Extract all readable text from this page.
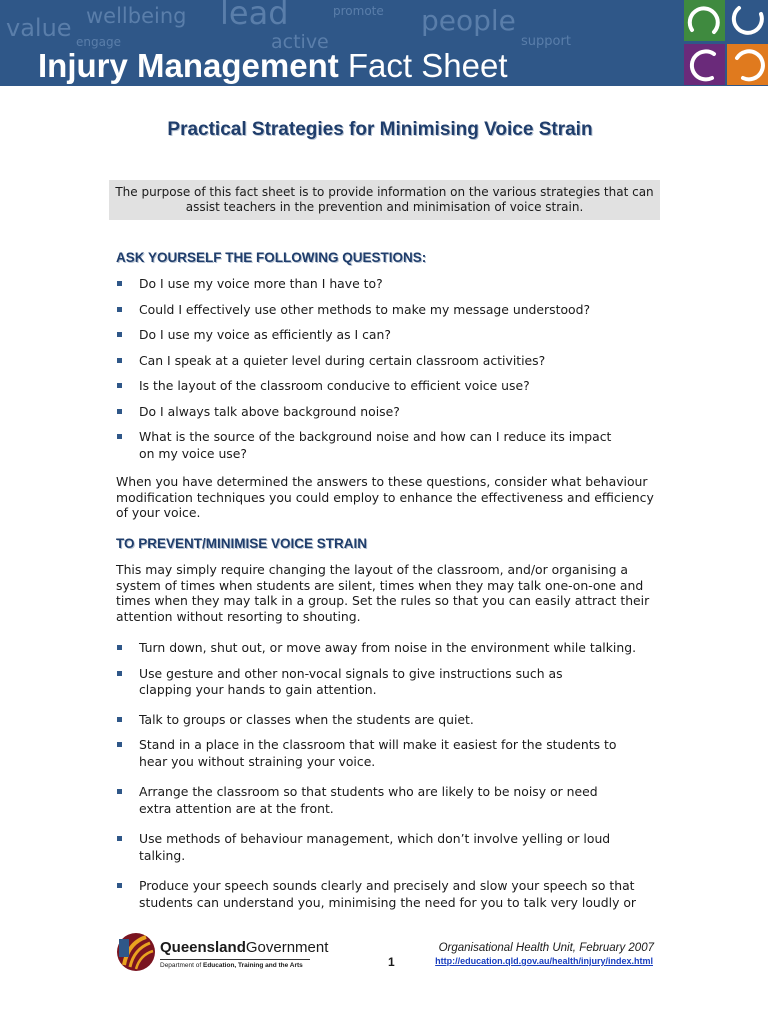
value wellbeing lead	promote people
engage	active	support
Injury Management Fact Sheet
Practical Strategies for Minimising Voice Strain
The purpose of this fact sheet is to provide information on the various strategies that can assist teachers in the prevention and minimisation of voice strain.
ASK YOURSELF THE FOLLOWING QUESTIONS:
Do I use my voice more than I have to?
Could I effectively use other methods to make my message understood?
Do I use my voice as efficiently as I can?
Can I speak at a quieter level during certain classroom activities?
Is the layout of the classroom conducive to efficient voice use?
Do I always talk above background noise?
What is the source of the background noise and how can I reduce its impact on my voice use?
When you have determined the answers to these questions, consider what behaviour modification techniques you could employ to enhance the effectiveness and efficiency of your voice.
TO PREVENT/MINIMISE VOICE STRAIN
This may simply require changing the layout of the classroom, and/or organising a system of times when students are silent, times when they may talk one-on-one and times when they may talk in a group. Set the rules so that you can easily attract their attention without resorting to shouting.
Turn down, shut out, or move away from noise in the environment while talking.
Use gesture and other non-vocal signals to give instructions such as clapping your hands to gain attention.
Talk to groups or classes when the students are quiet.
Stand in a place in the classroom that will make it easiest for the students to hear you without straining your voice.
Arrange the classroom so that students who are likely to be noisy or need extra attention are at the front.
Use methods of behaviour management, which don’t involve yelling or loud talking.
Produce your speech sounds clearly and precisely and slow your speech so that students can understand you, minimising the need for you to talk very loudly or
QueenslandGovernment
Department of Education, Training and the Arts	1
Organisational Health Unit, February 2007
http://education.qld.gov.au/health/injury/index.html
